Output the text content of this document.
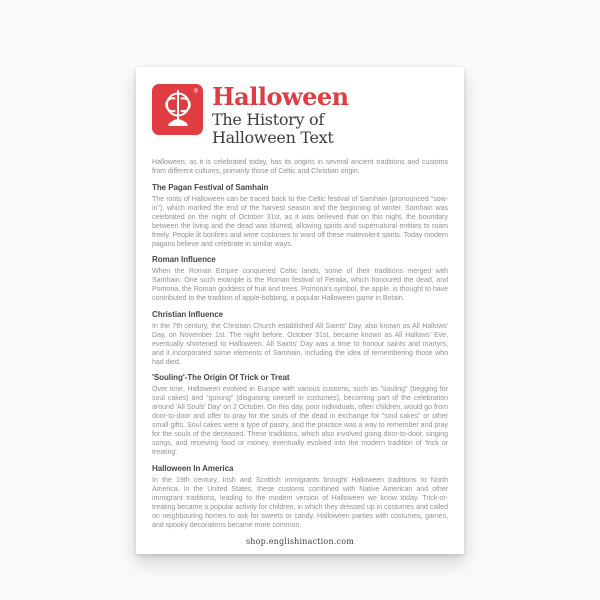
® Halloween
The History of
Halloween Text

Halloween, as it is celebrated today, has its origins in several ancient traditions and customs from different cultures, primarily those of Celtic and Christian origin.

The Pagan Festival of Samhain

The roots of Halloween can be traced back to the Celtic festival of Samhain (pronounced "sow-in"), which marked the end of the harvest season and the beginning of winter. Samhain was celebrated on the night of October 31st, as it was believed that on this night, the boundary between the living and the dead was blurred, allowing spirits and supernatural entities to roam freely. People lit bonfires and wore costumes to ward off these malevolent spirits. Today modern pagans believe and celebrate in similar ways.

Roman Influence

When the Roman Empire conquered Celtic lands, some of their traditions merged with Samhain. One such example is the Roman festival of Feralia, which honoured the dead, and Pomona, the Roman goddess of fruit and trees. Pomona's symbol, the apple, is thought to have contributed to the tradition of apple-bobbing, a popular Halloween game in Britain.

Christian Influence

In the 7th century, the Christian Church established All Saints' Day, also known as All Hallows' Day, on November 1st. The night before, October 31st, became known as All Hallows' Eve, eventually shortened to Halloween. All Saints' Day was a time to honour saints and martyrs, and it incorporated some elements of Samhain, including the idea of remembering those who had died.

'Souling'-The Origin Of Trick or Treat

Over time, Halloween evolved in Europe with various customs, such as "souling" (begging for soul cakes) and "guising" (disguising oneself in costumes), becoming part of the celebration around 'All Souls' Day' on 2 October. On this day, poor individuals, often children, would go from door-to-door and offer to pray for the souls of the dead in exchange for "soul cakes" or other small gifts. Soul cakes were a type of pastry, and the practice was a way to remember and pray for the souls of the deceased. These traditions, which also involved going door-to-door, singing songs, and receiving food or money, eventually evolved into the modern tradition of 'trick or treating'.

Halloween In America

In the 19th century, Irish and Scottish immigrants brought Halloween traditions to North America. In the United States, these customs combined with Native American and other immigrant traditions, leading to the modern version of Halloween we know today. Trick-or-treating became a popular activity for children, in which they dressed up in costumes and called on neighbouring homes to ask for sweets or candy. Halloween parties with costumes, games, and spooky decorations became more common.

shop.englishinaction.com
